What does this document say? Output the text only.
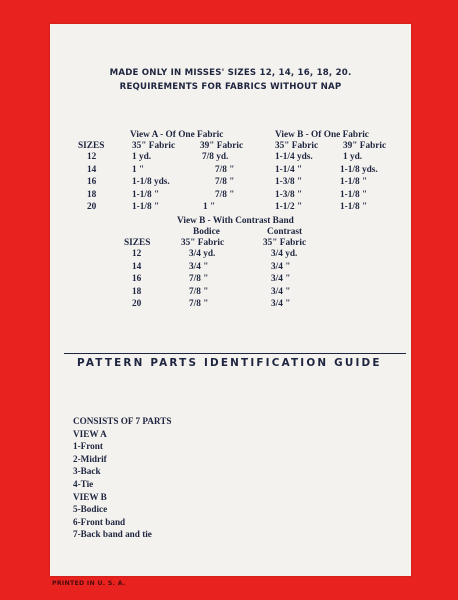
MADE ONLY IN MISSES' SIZES 12, 14, 16, 18, 20.
REQUIREMENTS FOR FABRICS WITHOUT NAP
View A - Of One Fabric	View B - Of One Fabric
SIZES	35" Fabric	39" Fabric	35" Fabric	39" Fabric
12	1 yd.	7/8 yd.	1-1/4 yds.	1 yd.
14	1 "	7/8 "	1-1/4 "	1-1/8 yds.
16	1-1/8 yds.	7/8 "	1-3/8 "	1-1/8 "
18	1-1/8 "	7/8 "	1-3/8 "	1-1/8 "
20	1-1/8 "	1 "	1-1/2 "	1-1/8 "
View B - With Contrast Band
Bodice	Contrast
SIZES	35" Fabric	35" Fabric
12	3/4 yd.	3/4 yd.
14	3/4 "	3/4 "
16	7/8 "	3/4 "
18	7/8 "	3/4 "
20	7/8 "	3/4 "
PATTERN PARTS IDENTIFICATION GUIDE
CONSISTS OF 7 PARTS
VIEW A
1-Front
2-Midrif
3-Back
4-Tie
VIEW B
5-Bodice
6-Front band
7-Back band and tie
PRINTED IN U. S. A.
